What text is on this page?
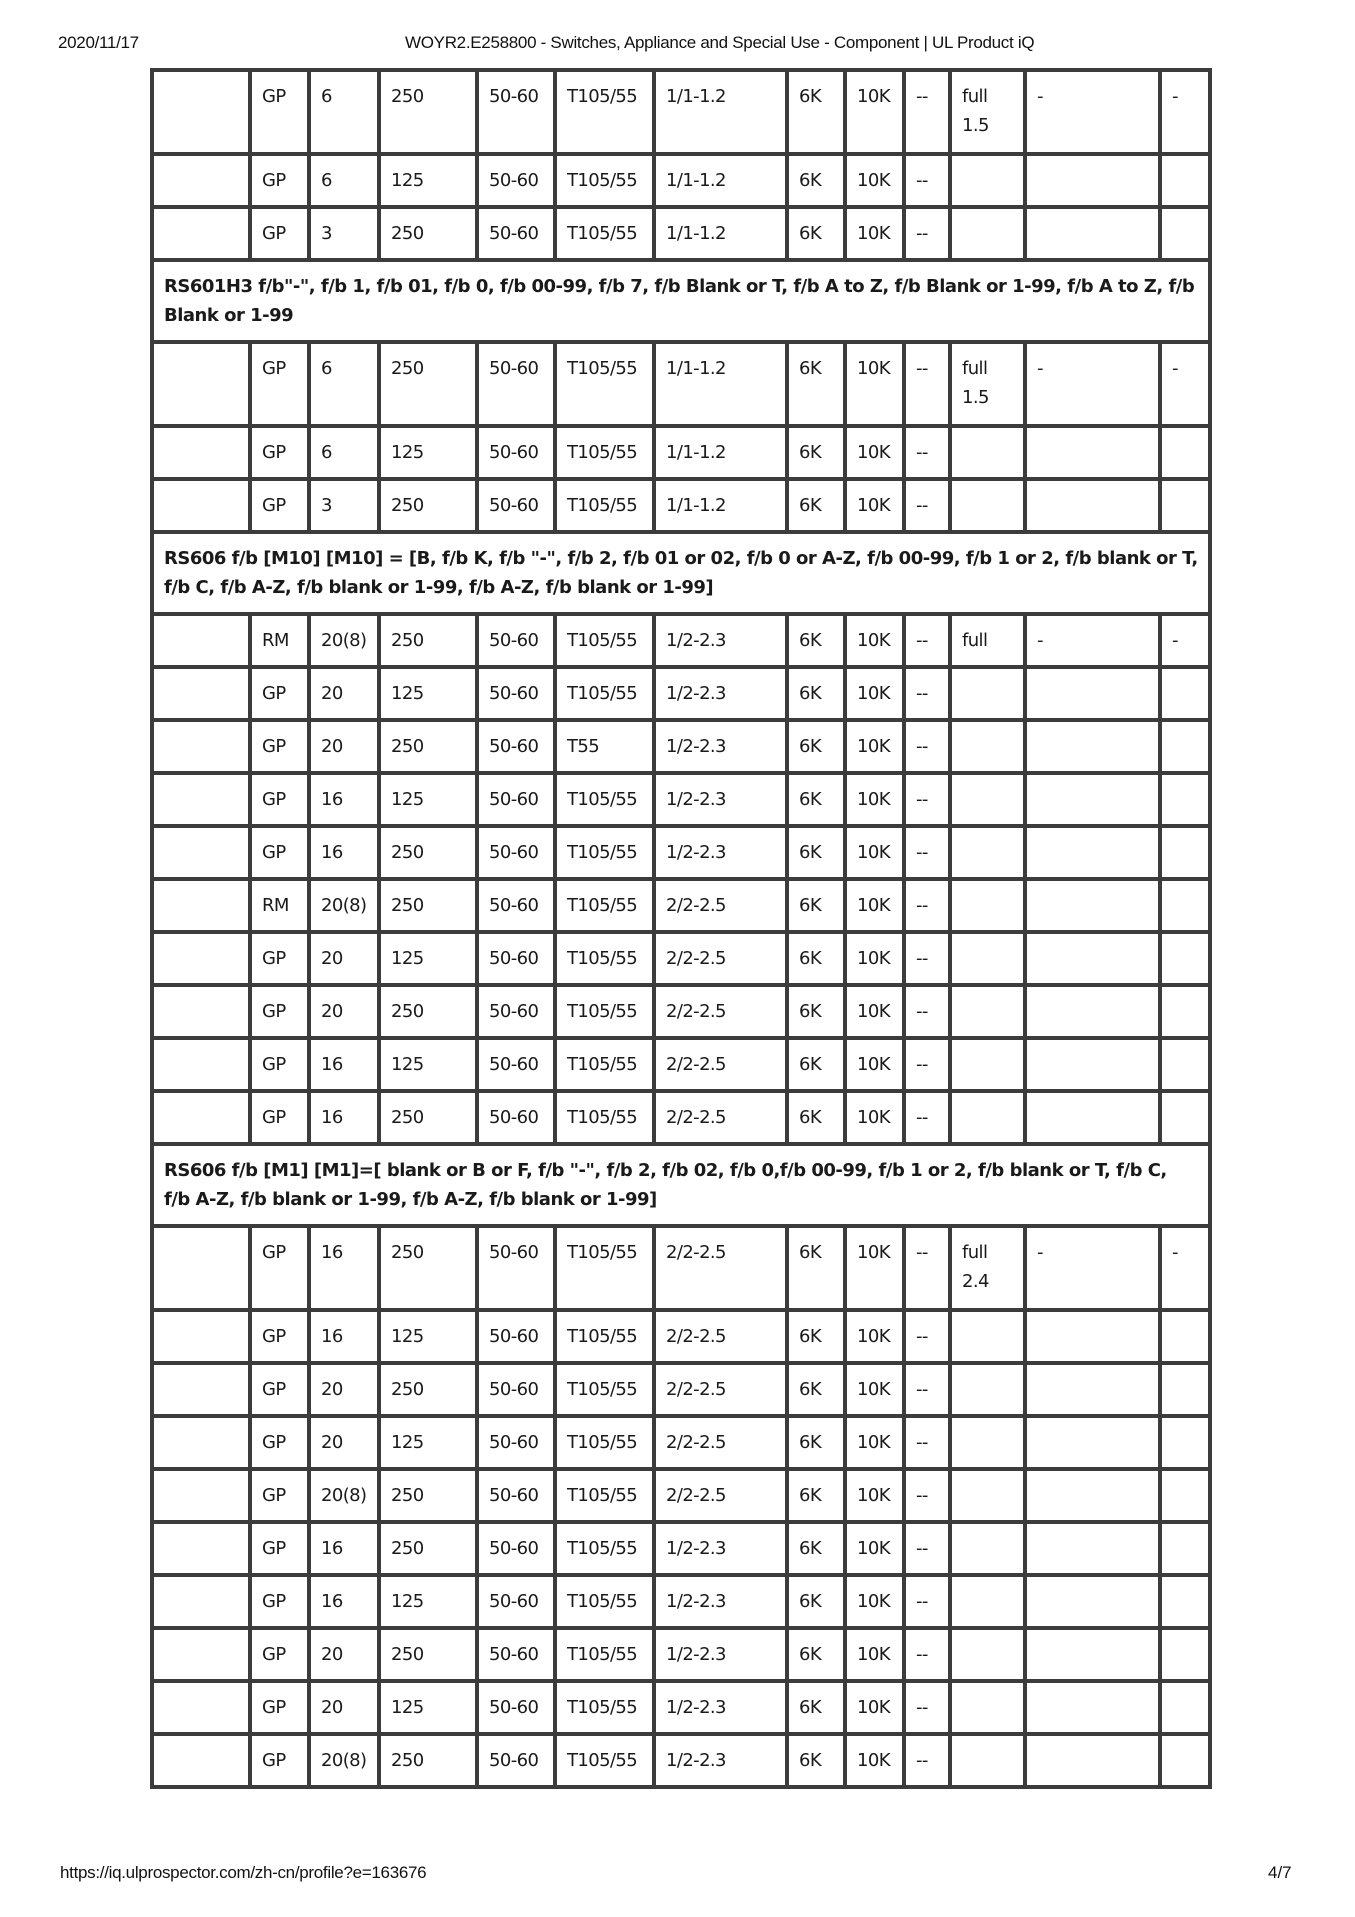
2020/11/17	WOYR2.E258800 - Switches, Appliance and Special Use - Component | UL Product iQ
	GP	6	250	50-60	T105/55	1/1-1.2	6K	10K	--	full 1.5	-	-
	GP	6	125	50-60	T105/55	1/1-1.2	6K	10K	--			
	GP	3	250	50-60	T105/55	1/1-1.2	6K	10K	--			
RS601H3 f/b"-", f/b 1, f/b 01, f/b 0, f/b 00-99, f/b 7, f/b Blank or T, f/b A to Z, f/b Blank or 1-99, f/b A to Z, f/b Blank or 1-99												
	GP	6	250	50-60	T105/55	1/1-1.2	6K	10K	--	full 1.5	-	-
	GP	6	125	50-60	T105/55	1/1-1.2	6K	10K	--			
	GP	3	250	50-60	T105/55	1/1-1.2	6K	10K	--			
RS606 f/b [M10] [M10] = [B, f/b K, f/b "-", f/b 2, f/b 01 or 02, f/b 0 or A-Z, f/b 00-99, f/b 1 or 2, f/b blank or T, f/b C, f/b A-Z, f/b blank or 1-99, f/b A-Z, f/b blank or 1-99]												
	RM	20(8)	250	50-60	T105/55	1/2-2.3	6K	10K	--	full	-	-
	GP	20	125	50-60	T105/55	1/2-2.3	6K	10K	--			
	GP	20	250	50-60	T55	1/2-2.3	6K	10K	--			
	GP	16	125	50-60	T105/55	1/2-2.3	6K	10K	--			
	GP	16	250	50-60	T105/55	1/2-2.3	6K	10K	--			
	RM	20(8)	250	50-60	T105/55	2/2-2.5	6K	10K	--			
	GP	20	125	50-60	T105/55	2/2-2.5	6K	10K	--			
	GP	20	250	50-60	T105/55	2/2-2.5	6K	10K	--			
	GP	16	125	50-60	T105/55	2/2-2.5	6K	10K	--			
	GP	16	250	50-60	T105/55	2/2-2.5	6K	10K	--			
RS606 f/b [M1] [M1]=[ blank or B or F, f/b "-", f/b 2, f/b 02, f/b 0,f/b 00-99, f/b 1 or 2, f/b blank or T, f/b C, f/b A-Z, f/b blank or 1-99, f/b A-Z, f/b blank or 1-99]												
	GP	16	250	50-60	T105/55	2/2-2.5	6K	10K	--	full 2.4	-	-
	GP	16	125	50-60	T105/55	2/2-2.5	6K	10K	--			
	GP	20	250	50-60	T105/55	2/2-2.5	6K	10K	--			
	GP	20	125	50-60	T105/55	2/2-2.5	6K	10K	--			
	GP	20(8)	250	50-60	T105/55	2/2-2.5	6K	10K	--			
	GP	16	250	50-60	T105/55	1/2-2.3	6K	10K	--			
	GP	16	125	50-60	T105/55	1/2-2.3	6K	10K	--			
	GP	20	250	50-60	T105/55	1/2-2.3	6K	10K	--			
	GP	20	125	50-60	T105/55	1/2-2.3	6K	10K	--			
	GP	20(8)	250	50-60	T105/55	1/2-2.3	6K	10K	--			
https://iq.ulprospector.com/zh-cn/profile?e=163676	4/7
